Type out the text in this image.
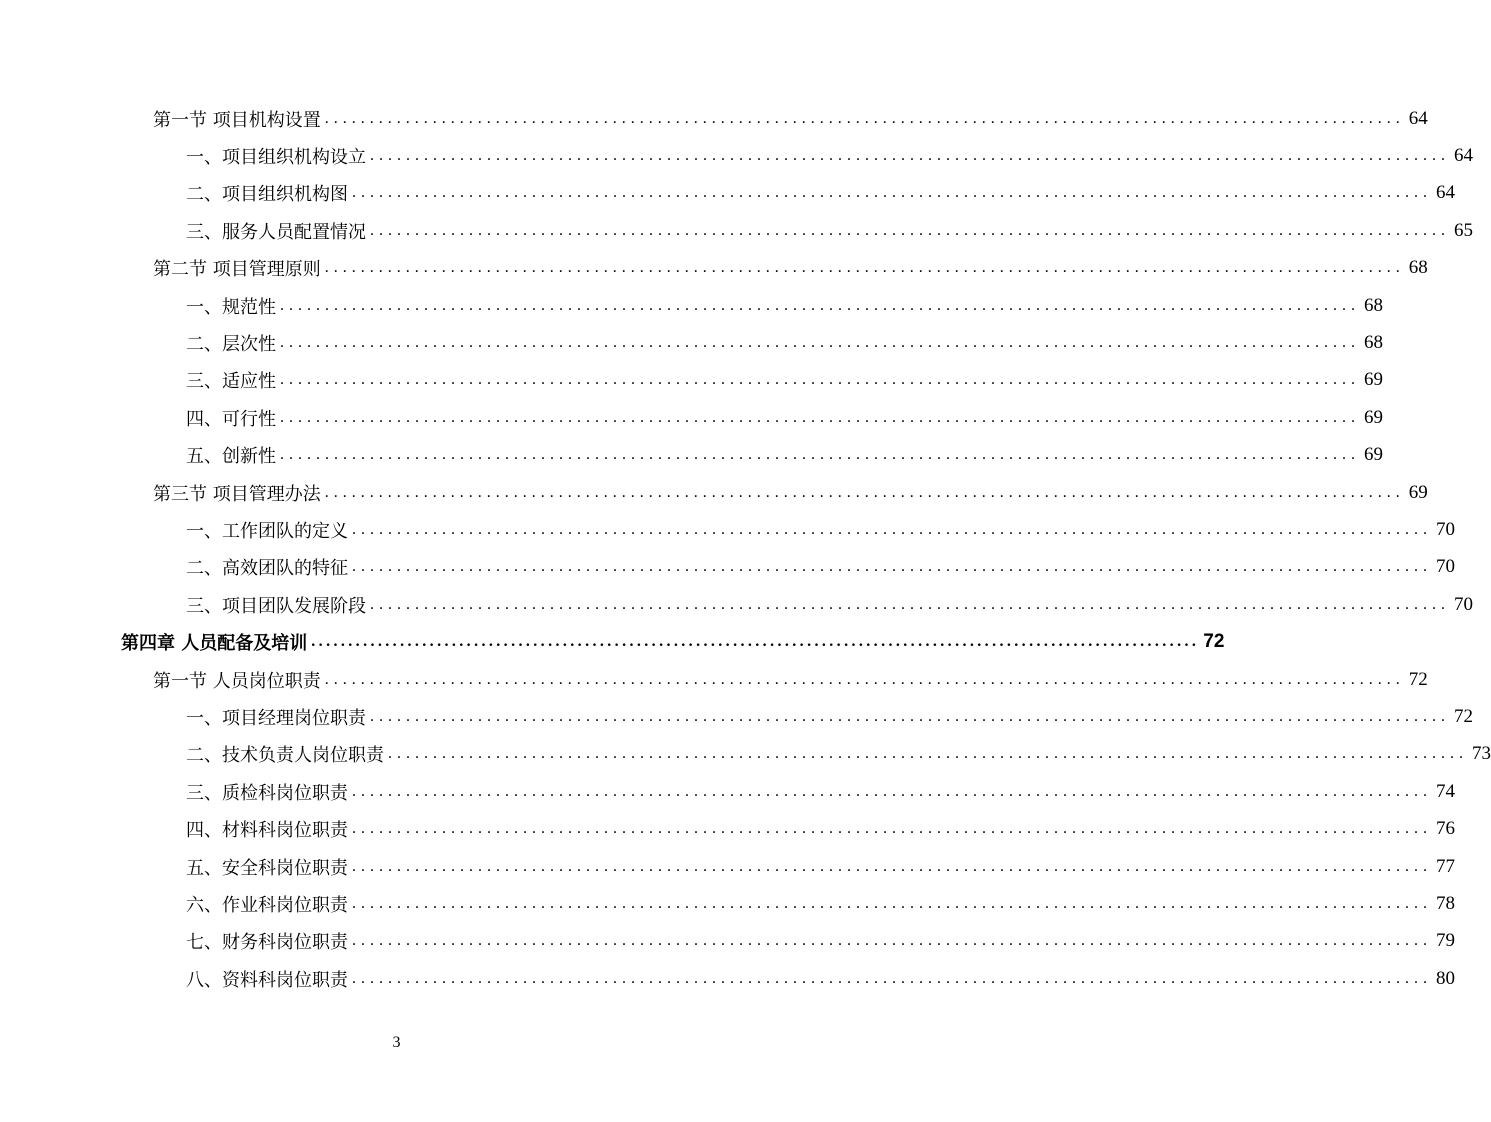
第一节 项目机构设置 ........................................................................................................................ 64
一、项目组织机构设立 ........................................................................................................................ 64
二、项目组织机构图 ........................................................................................................................ 64
三、服务人员配置情况 ........................................................................................................................ 65
第二节 项目管理原则 ........................................................................................................................ 68
一、规范性 ........................................................................................................................ 68
二、层次性 ........................................................................................................................ 68
三、适应性 ........................................................................................................................ 69
四、可行性 ........................................................................................................................ 69
五、创新性 ........................................................................................................................ 69
第三节 项目管理办法 ........................................................................................................................ 69
一、工作团队的定义 ........................................................................................................................ 70
二、高效团队的特征 ........................................................................................................................ 70
三、项目团队发展阶段 ........................................................................................................................ 70
第四章 人员配备及培训 ........................................................................................................................ 72
第一节 人员岗位职责 ........................................................................................................................ 72
一、项目经理岗位职责 ........................................................................................................................ 72
二、技术负责人岗位职责 ........................................................................................................................ 73
三、质检科岗位职责 ........................................................................................................................ 74
四、材料科岗位职责 ........................................................................................................................ 76
五、安全科岗位职责 ........................................................................................................................ 77
六、作业科岗位职责 ........................................................................................................................ 78
七、财务科岗位职责 ........................................................................................................................ 79
八、资料科岗位职责 ........................................................................................................................ 80
3
